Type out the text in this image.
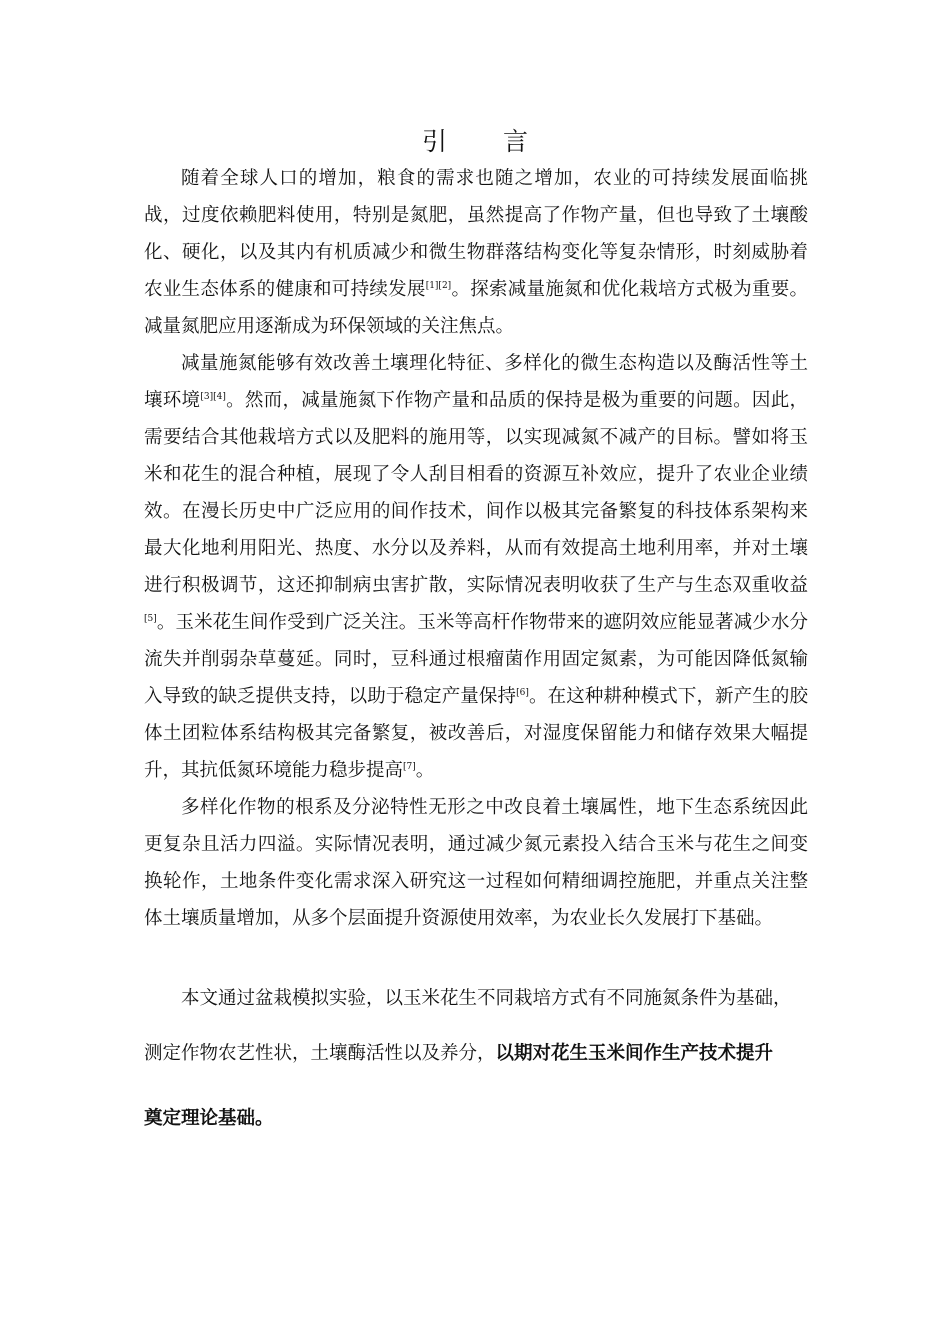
引 言

随着全球人口的增加，粮食的需求也随之增加，农业的可持续发展面临挑战，过度依赖肥料使用，特别是氮肥，虽然提高了作物产量，但也导致了土壤酸化、硬化，以及其内有机质减少和微生物群落结构变化等复杂情形，时刻威胁着农业生态体系的健康和可持续发展[1][2]。探索减量施氮和优化栽培方式极为重要。减量氮肥应用逐渐成为环保领域的关注焦点。

减量施氮能够有效改善土壤理化特征、多样化的微生态构造以及酶活性等土壤环境[3][4]。然而，减量施氮下作物产量和品质的保持是极为重要的问题。因此，需要结合其他栽培方式以及肥料的施用等，以实现减氮不减产的目标。譬如将玉米和花生的混合种植，展现了令人刮目相看的资源互补效应，提升了农业企业绩效。在漫长历史中广泛应用的间作技术，间作以极其完备繁复的科技体系架构来最大化地利用阳光、热度、水分以及养料，从而有效提高土地利用率，并对土壤进行积极调节，这还抑制病虫害扩散，实际情况表明收获了生产与生态双重收益[5]。玉米花生间作受到广泛关注。玉米等高杆作物带来的遮阴效应能显著减少水分流失并削弱杂草蔓延。同时，豆科通过根瘤菌作用固定氮素，为可能因降低氮输入导致的缺乏提供支持，以助于稳定产量保持[6]。在这种耕种模式下，新产生的胶体土团粒体系结构极其完备繁复，被改善后，对湿度保留能力和储存效果大幅提升，其抗低氮环境能力稳步提高[7]。

多样化作物的根系及分泌特性无形之中改良着土壤属性，地下生态系统因此更复杂且活力四溢。实际情况表明，通过减少氮元素投入结合玉米与花生之间变换轮作，土地条件变化需求深入研究这一过程如何精细调控施肥，并重点关注整体土壤质量增加，从多个层面提升资源使用效率，为农业长久发展打下基础。

本文通过盆栽模拟实验，以玉米花生不同栽培方式有不同施氮条件为基础，
测定作物农艺性状，土壤酶活性以及养分，以期对花生玉米间作生产技术提升
奠定理论基础。
